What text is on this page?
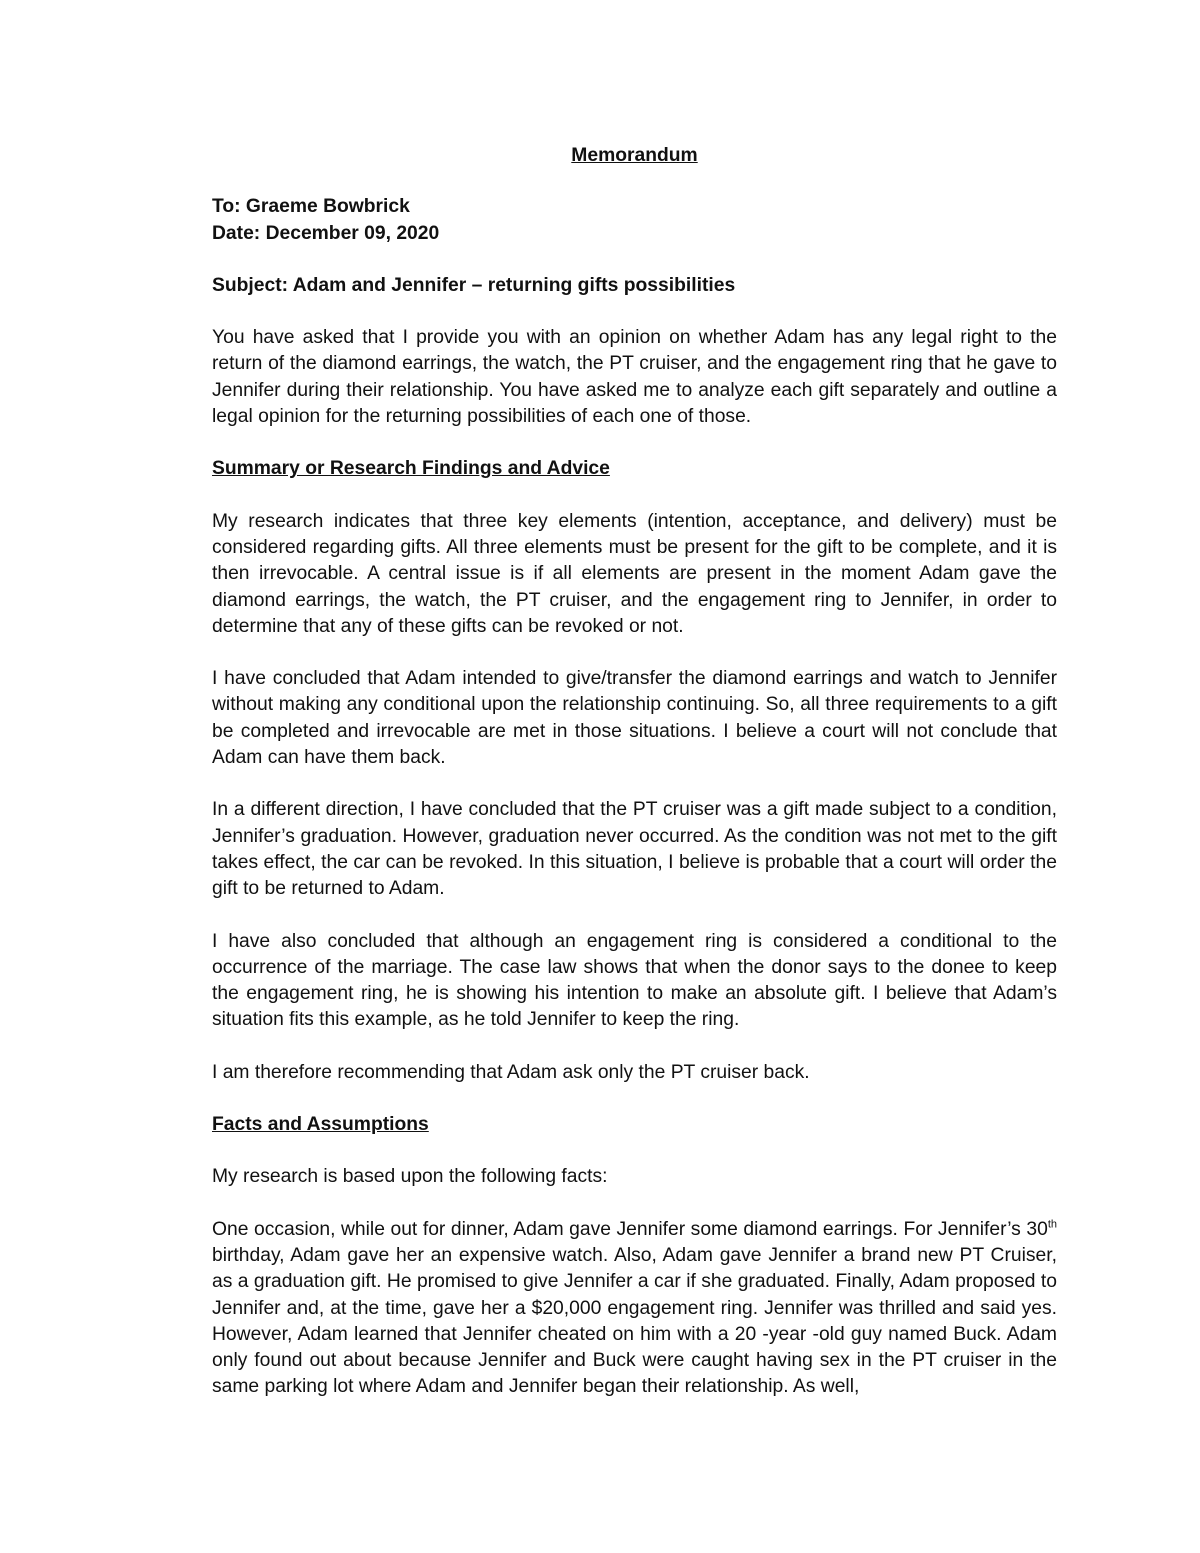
Memorandum

To: Graeme Bowbrick

Date: December 09, 2020

Subject: Adam and Jennifer – returning gifts possibilities

You have asked that I provide you with an opinion on whether Adam has any legal right to the return of the diamond earrings, the watch, the PT cruiser, and the engagement ring that he gave to Jennifer during their relationship. You have asked me to analyze each gift separately and outline a legal opinion for the returning possibilities of each one of those.

Summary or Research Findings and Advice

My research indicates that three key elements (intention, acceptance, and delivery) must be considered regarding gifts. All three elements must be present for the gift to be complete, and it is then irrevocable. A central issue is if all elements are present in the moment Adam gave the diamond earrings, the watch, the PT cruiser, and the engagement ring to Jennifer, in order to determine that any of these gifts can be revoked or not.

I have concluded that Adam intended to give/transfer the diamond earrings and watch to Jennifer without making any conditional upon the relationship continuing. So, all three requirements to a gift be completed and irrevocable are met in those situations. I believe a court will not conclude that Adam can have them back.

In a different direction, I have concluded that the PT cruiser was a gift made subject to a condition, Jennifer’s graduation. However, graduation never occurred. As the condition was not met to the gift takes effect, the car can be revoked. In this situation, I believe is probable that a court will order the gift to be returned to Adam.

I have also concluded that although an engagement ring is considered a conditional to the occurrence of the marriage. The case law shows that when the donor says to the donee to keep the engagement ring, he is showing his intention to make an absolute gift. I believe that Adam’s situation fits this example, as he told Jennifer to keep the ring.

I am therefore recommending that Adam ask only the PT cruiser back.

Facts and Assumptions

My research is based upon the following facts:

One occasion, while out for dinner, Adam gave Jennifer some diamond earrings. For Jennifer’s 30th birthday, Adam gave her an expensive watch. Also, Adam gave Jennifer a brand new PT Cruiser, as a graduation gift. He promised to give Jennifer a car if she graduated. Finally, Adam proposed to Jennifer and, at the time, gave her a $20,000 engagement ring. Jennifer was thrilled and said yes. However, Adam learned that Jennifer cheated on him with a 20 -year -old guy named Buck. Adam only found out about because Jennifer and Buck were caught having sex in the PT cruiser in the same parking lot where Adam and Jennifer began their relationship. As well,
